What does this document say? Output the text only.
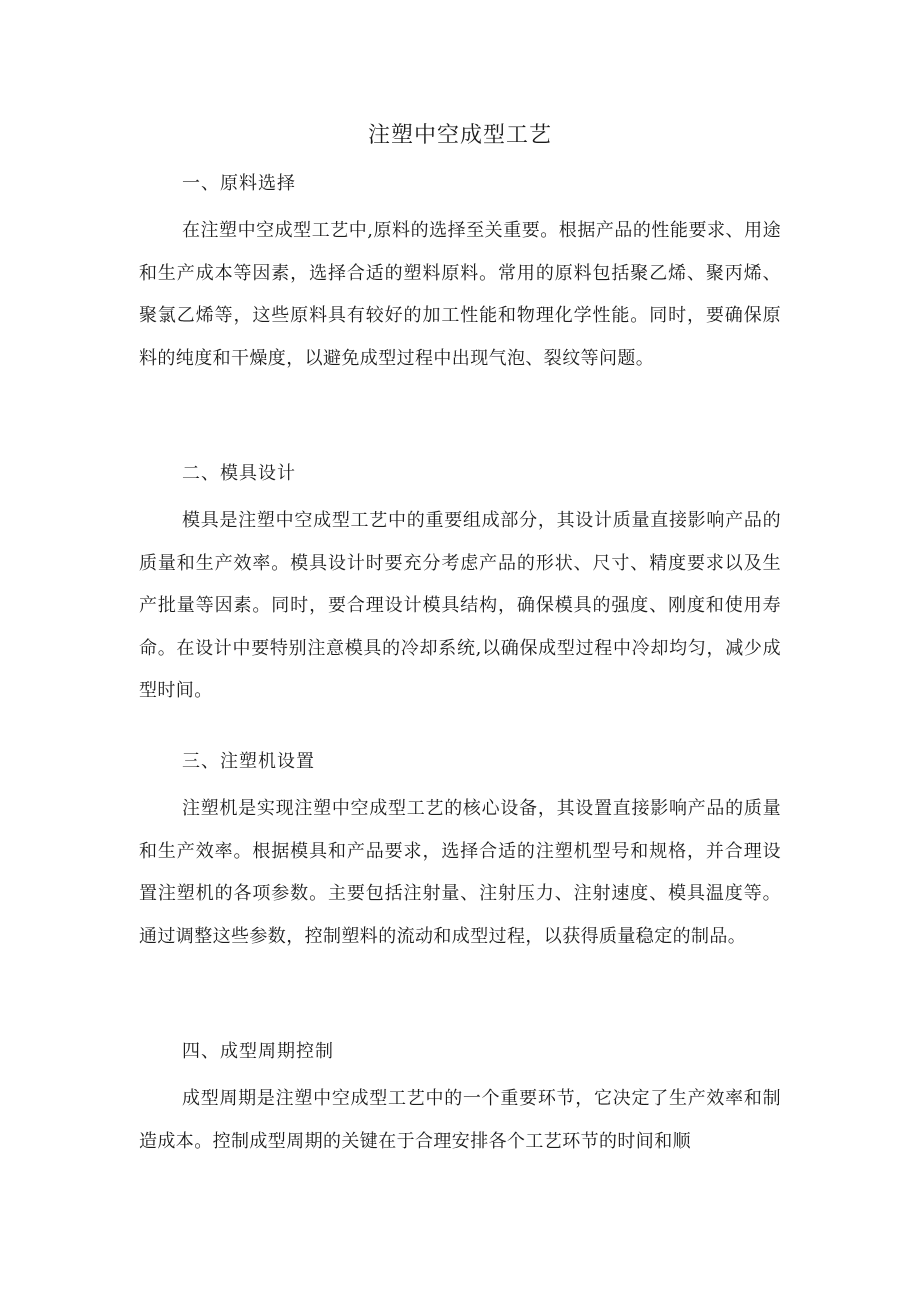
注塑中空成型工艺
一、原料选择
在注塑中空成型工艺中,原料的选择至关重要。根据产品的性能要求、用途和生产成本等因素，选择合适的塑料原料。常用的原料包括聚乙烯、聚丙烯、聚氯乙烯等，这些原料具有较好的加工性能和物理化学性能。同时，要确保原料的纯度和干燥度，以避免成型过程中出现气泡、裂纹等问题。
二、模具设计
模具是注塑中空成型工艺中的重要组成部分，其设计质量直接影响产品的质量和生产效率。模具设计时要充分考虑产品的形状、尺寸、精度要求以及生产批量等因素。同时，要合理设计模具结构，确保模具的强度、刚度和使用寿命。在设计中要特别注意模具的冷却系统,以确保成型过程中冷却均匀，减少成型时间。
三、注塑机设置
注塑机是实现注塑中空成型工艺的核心设备，其设置直接影响产品的质量和生产效率。根据模具和产品要求，选择合适的注塑机型号和规格，并合理设置注塑机的各项参数。主要包括注射量、注射压力、注射速度、模具温度等。通过调整这些参数，控制塑料的流动和成型过程，以获得质量稳定的制品。
四、成型周期控制
成型周期是注塑中空成型工艺中的一个重要环节，它决定了生产效率和制造成本。控制成型周期的关键在于合理安排各个工艺环节的时间和顺
